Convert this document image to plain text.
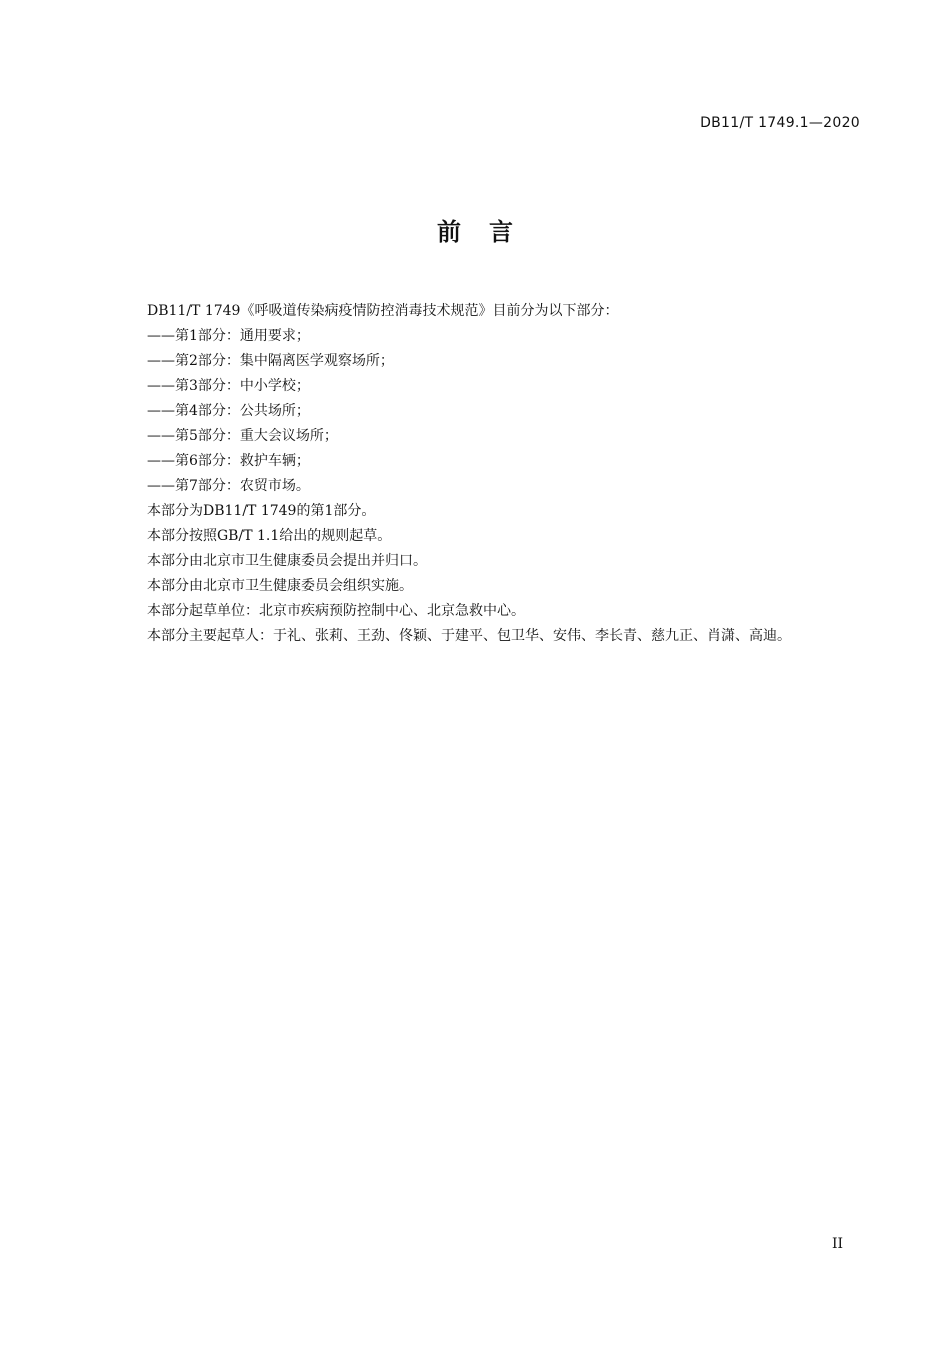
DB11/T 1749.1—2020
前 言

DB11/T 1749《呼吸道传染病疫情防控消毒技术规范》目前分为以下部分：

——第1部分：通用要求；

——第2部分：集中隔离医学观察场所；

——第3部分：中小学校；

——第4部分：公共场所；

——第5部分：重大会议场所；

——第6部分：救护车辆；

——第7部分：农贸市场。

本部分为DB11/T 1749的第1部分。

本部分按照GB/T 1.1给出的规则起草。

本部分由北京市卫生健康委员会提出并归口。

本部分由北京市卫生健康委员会组织实施。

本部分起草单位：北京市疾病预防控制中心、北京急救中心。

本部分主要起草人：于礼、张莉、王劲、佟颖、于建平、包卫华、安伟、李长青、慈九正、肖潇、高迪。

II
